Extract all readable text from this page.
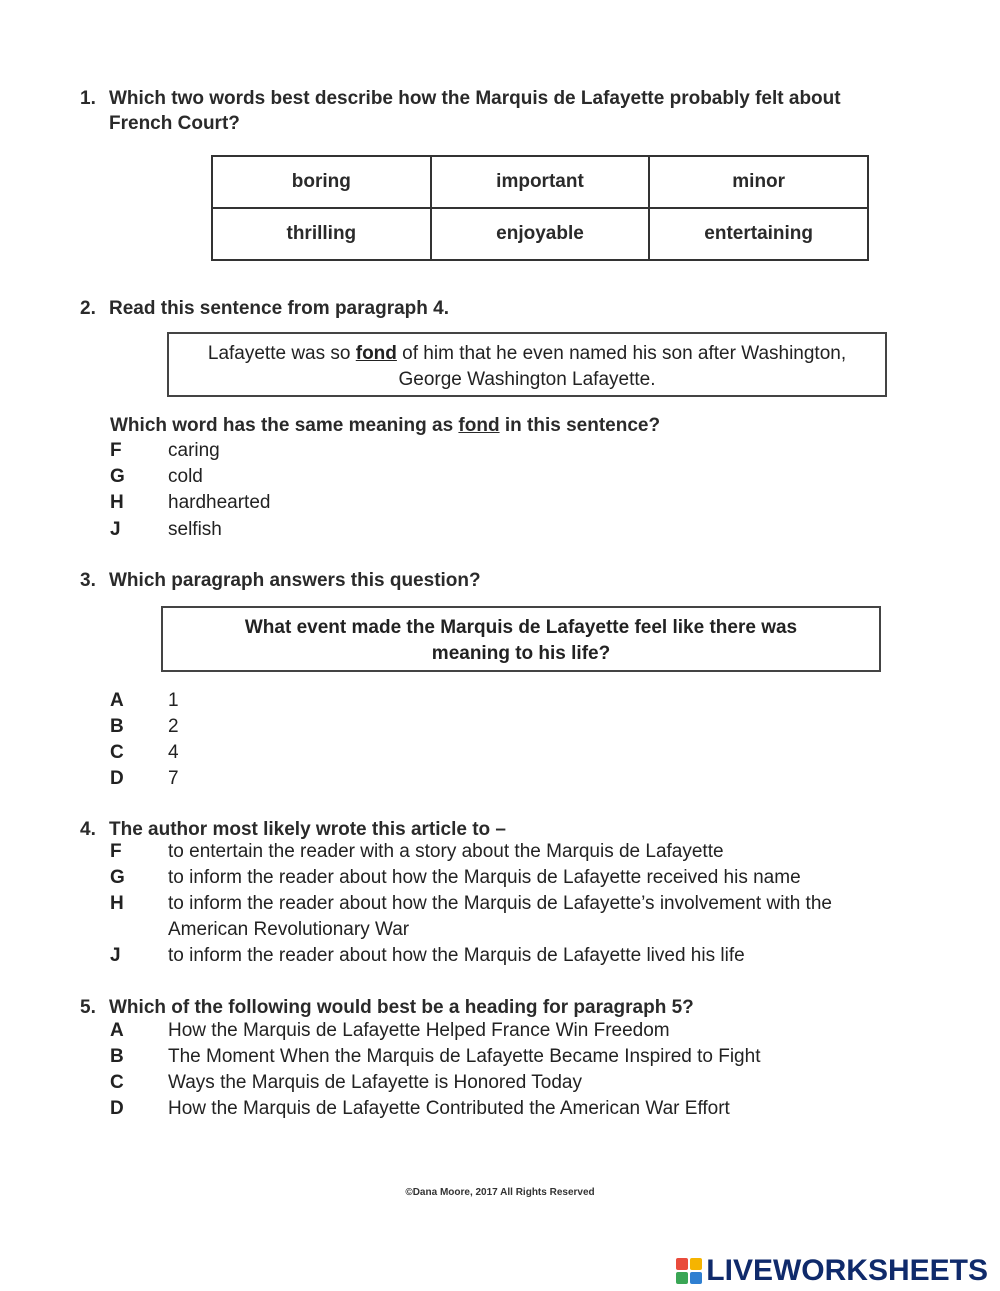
1. Which two words best describe how the Marquis de Lafayette probably felt about
French Court?
boring	important	minor
thrilling	enjoyable	entertaining
2. Read this sentence from paragraph 4.
Lafayette was so fond of him that he even named his son after Washington,
George Washington Lafayette.
Which word has the same meaning as fond in this sentence?
F caring
G cold
H hardhearted
J selfish
3. Which paragraph answers this question?
What event made the Marquis de Lafayette feel like there was
meaning to his life?
A 1
B 2
C 4
D 7
4. The author most likely wrote this article to –
F to entertain the reader with a story about the Marquis de Lafayette
G to inform the reader about how the Marquis de Lafayette received his name
H to inform the reader about how the Marquis de Lafayette’s involvement with the American Revolutionary War
J to inform the reader about how the Marquis de Lafayette lived his life
5. Which of the following would best be a heading for paragraph 5?
A How the Marquis de Lafayette Helped France Win Freedom
B The Moment When the Marquis de Lafayette Became Inspired to Fight
C Ways the Marquis de Lafayette is Honored Today
D How the Marquis de Lafayette Contributed the American War Effort
©Dana Moore, 2017 All Rights Reserved
LIVEWORKSHEETS
